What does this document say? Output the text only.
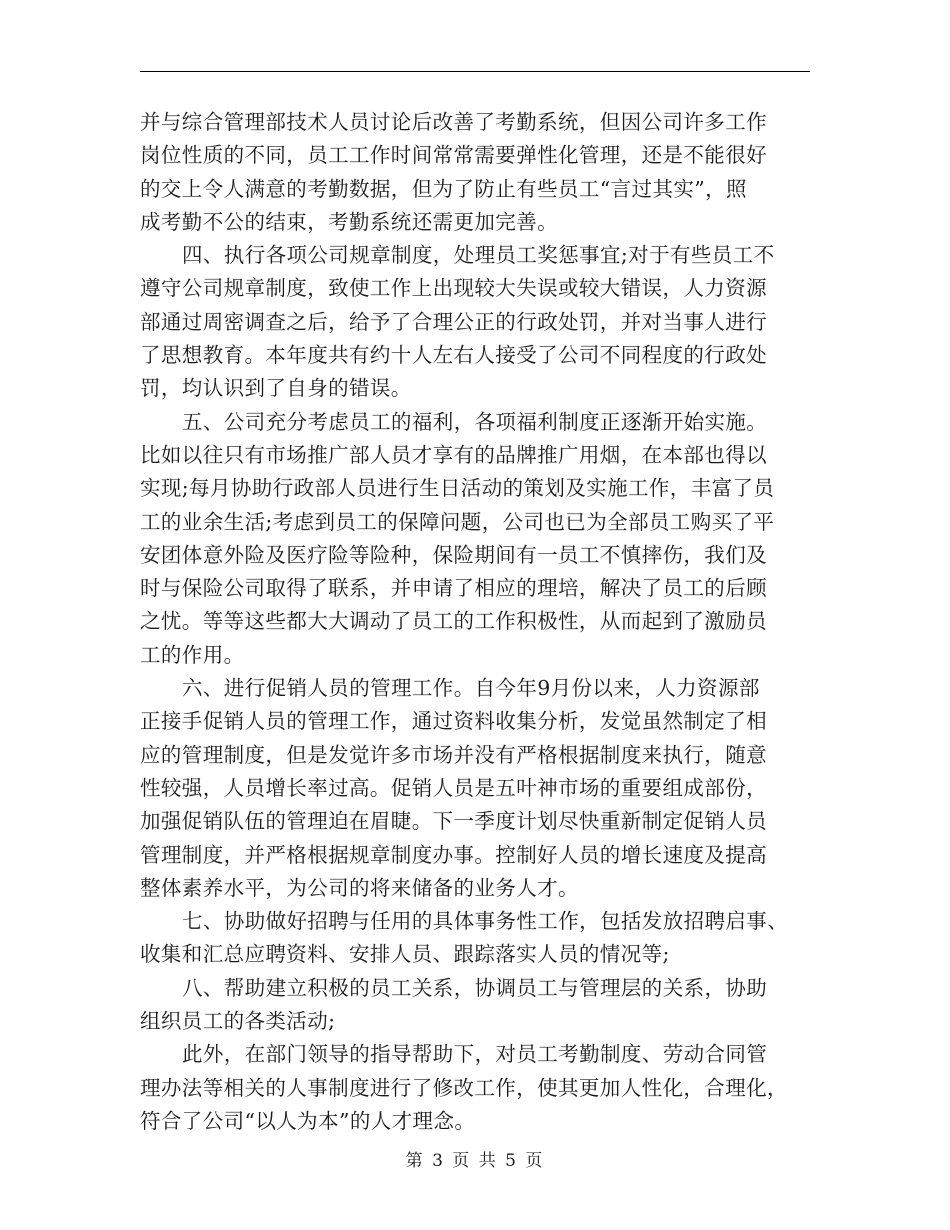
并与综合管理部技术人员讨论后改善了考勤系统，但因公司许多工作
岗位性质的不同，员工工作时间常常需要弹性化管理，还是不能很好
的交上令人满意的考勤数据，但为了防止有些员工“言过其实”，照
成考勤不公的结束，考勤系统还需更加完善。
四、执行各项公司规章制度，处理员工奖惩事宜;对于有些员工不
遵守公司规章制度，致使工作上出现较大失误或较大错误，人力资源
部通过周密调查之后，给予了合理公正的行政处罚，并对当事人进行
了思想教育。本年度共有约十人左右人接受了公司不同程度的行政处
罚，均认识到了自身的错误。
五、公司充分考虑员工的福利，各项福利制度正逐渐开始实施。
比如以往只有市场推广部人员才享有的品牌推广用烟，在本部也得以
实现;每月协助行政部人员进行生日活动的策划及实施工作，丰富了员
工的业余生活;考虑到员工的保障问题，公司也已为全部员工购买了平
安团体意外险及医疗险等险种，保险期间有一员工不慎摔伤，我们及
时与保险公司取得了联系，并申请了相应的理培，解决了员工的后顾
之忧。等等这些都大大调动了员工的工作积极性，从而起到了激励员
工的作用。
六、进行促销人员的管理工作。自今年9月份以来，人力资源部
正接手促销人员的管理工作，通过资料收集分析，发觉虽然制定了相
应的管理制度，但是发觉许多市场并没有严格根据制度来执行，随意
性较强，人员增长率过高。促销人员是五叶神市场的重要组成部份，
加强促销队伍的管理迫在眉睫。下一季度计划尽快重新制定促销人员
管理制度，并严格根据规章制度办事。控制好人员的增长速度及提高
整体素养水平，为公司的将来储备的业务人才。
七、协助做好招聘与任用的具体事务性工作，包括发放招聘启事、
收集和汇总应聘资料、安排人员、跟踪落实人员的情况等;
八、帮助建立积极的员工关系，协调员工与管理层的关系，协助
组织员工的各类活动;
此外，在部门领导的指导帮助下，对员工考勤制度、劳动合同管
理办法等相关的人事制度进行了修改工作，使其更加人性化，合理化，
符合了公司“以人为本”的人才理念。
第 3 页 共 5 页
